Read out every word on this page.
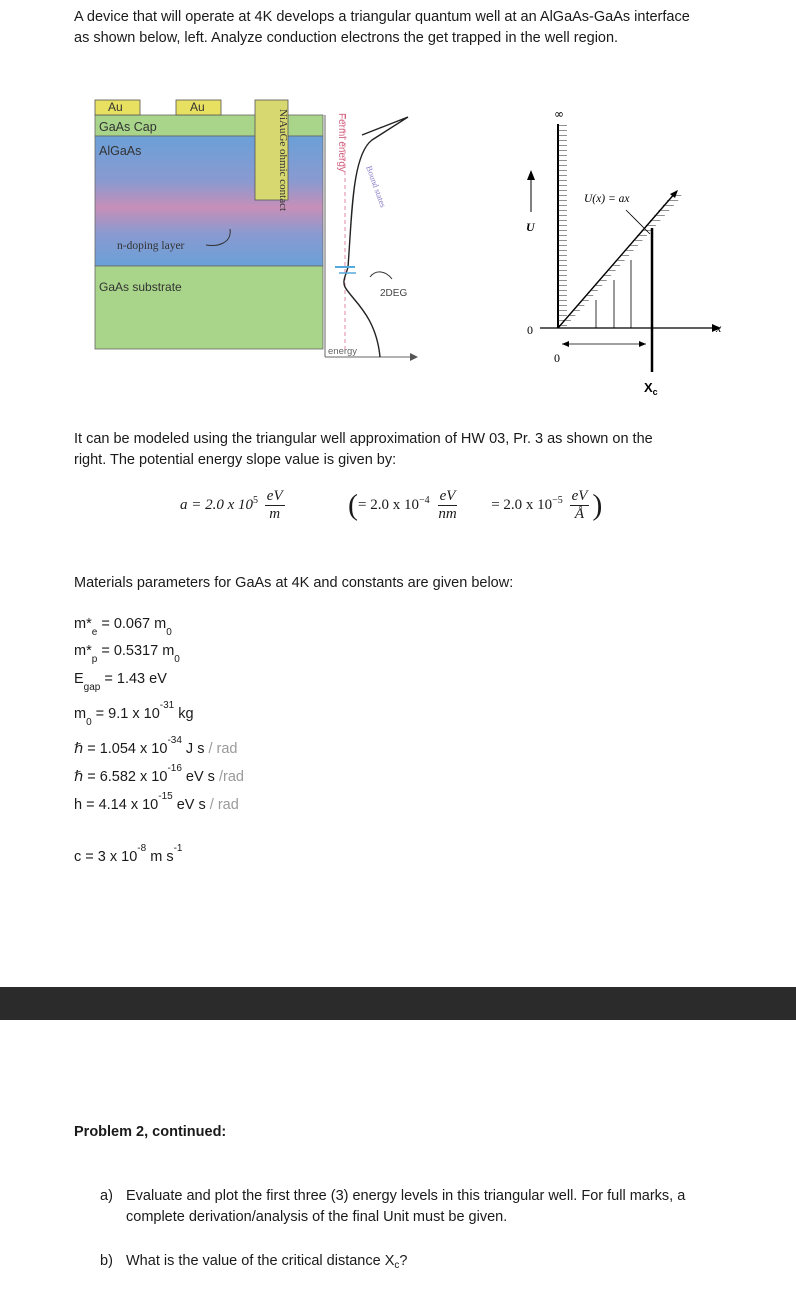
A device that will operate at 4K develops a triangular quantum well at an AlGaAs-GaAs interface
as shown below, left. Analyze conduction electrons the get trapped in the well region.
Au	Au
GaAs Cap
AlGaAs	NiAuGe ohmic contact
n-doping layer
GaAs substrate
Fermi energy
Bound states
2DEG
energy
∞
x
0
0
U
U(x) = ax
$X_c$
It can be modeled using the triangular well approximation of HW 03, Pr. 3 as shown on the
right. The potential energy slope value is given by:
a = 2.0 x $10^5 \frac{eV}{m}$ (= 2.0 x $10^{-4} \frac{eV}{nm} = 2.0$ x $10^{-5} \frac{eV}{Å}$ )
Materials parameters for GaAs at 4K and constants are given below:
$m*_e = 0.067$ $m_0$
$m*_p = 0.5317$ $m_0$
$E_{gap} = 1.43$ eV
$m_0 = 9.1$ x $10^{-31}$ kg
ℏ = 1.054 x $10^{-34}$ J s / rad
ℏ = 6.582 x $10^{-16}$ eV s /rad
h = 4.14 x $10^{-15}$ eV s / rad
c = 3 x $10^{-8}$ m $s^{-1}$
Problem 2, continued:
a) Evaluate and plot the first three (3) energy levels in this triangular well. For full marks, a
complete derivation/analysis of the final Unit must be given.
b) What is the value of the critical distance $X_c$?
